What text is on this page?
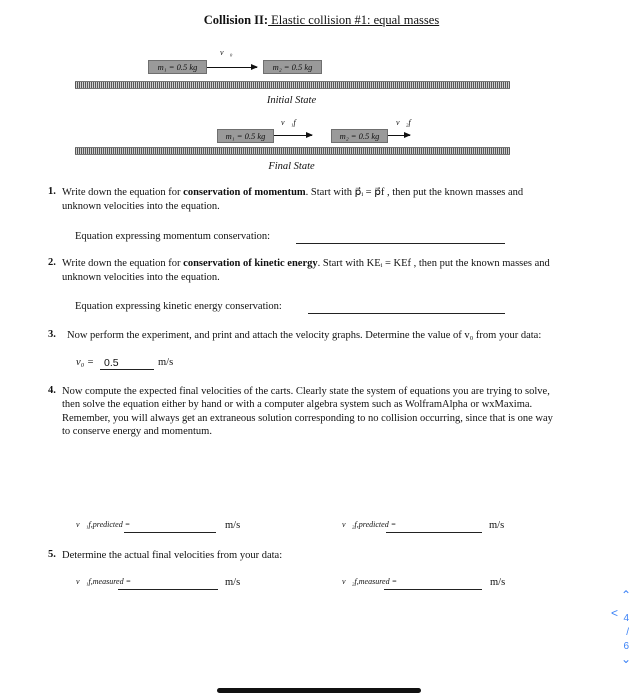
Collision II: Elastic collision #1: equal masses
m₁ = 0.5 kg
v⃗₀
m₂ = 0.5 kg
Initial State
m₁ = 0.5 kg
v⃗₁f
m₂ = 0.5 kg
v⃗₂f
Final State
1. Write down the equation for conservation of momentum. Start with p⃗ᵢ = p⃗f , then put the known masses and
unknown velocities into the equation.
Equation expressing momentum conservation:
2. Write down the equation for conservation of kinetic energy. Start with KEᵢ = KEf , then put the known masses and
unknown velocities into the equation.
Equation expressing kinetic energy conservation:
3. Now perform the experiment, and print and attach the velocity graphs. Determine the value of v₀ from your data:
v₀ = 0.5	m/s
4. Now compute the expected final velocities of the carts. Clearly state the system of equations you are trying to solve,
then solve the equation either by hand or with a computer algebra system such as WolframAlpha or wxMaxima.
Remember, you will always get an extraneous solution corresponding to no collision occurring, since that is one way
to conserve energy and momentum.
v⃗₁f,predicted =	m/s	v⃗₂f,predicted =	m/s
5. Determine the actual final velocities from your data:
v⃗₁f,measured =	m/s	v⃗₂f,measured =	m/s
⌃
4
/
6
⌄
<
